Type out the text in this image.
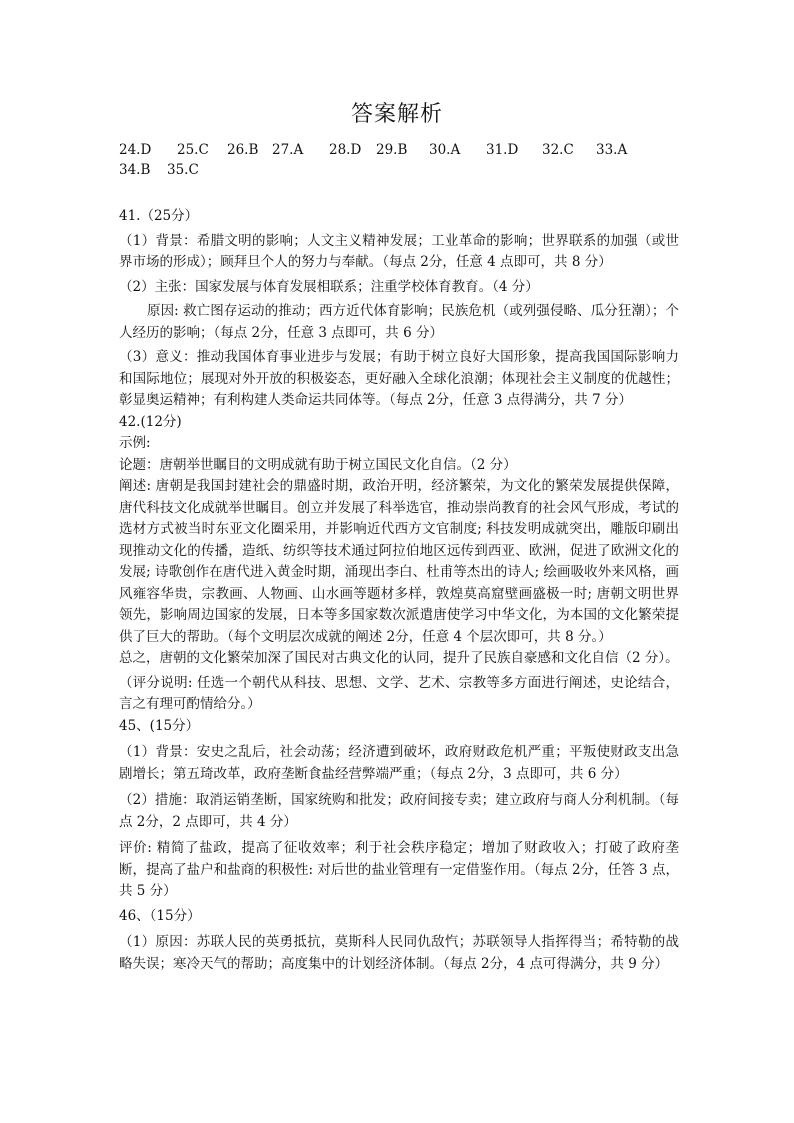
答案解析
24.D 25.C 26.B 27.A 28.D 29.B 30.A 31.D 32.C 33.A
34.B 35.C

41.（25分）

（1）背景：希腊文明的影响；人文主义精神发展；工业革命的影响；世界联系的加强（或世界市场的形成）；顾拜旦个人的努力与奉献。（每点 2分，任意 4 点即可，共 8 分）

（2）主张：国家发展与体育发展相联系；注重学校体育教育。（4 分）

原因: 救亡图存运动的推动；西方近代体育影响；民族危机（或列强侵略、瓜分狂潮）；个人经历的影响；（每点 2分，任意 3 点即可，共 6 分）

（3）意义：推动我国体育事业进步与发展；有助于树立良好大国形象，提高我国国际影响力和国际地位；展现对外开放的积极姿态，更好融入全球化浪潮；体现社会主义制度的优越性；彰显奥运精神；有利构建人类命运共同体等。（每点 2分，任意 3 点得满分，共 7 分）

42.(12分)

示例:

论题：唐朝举世瞩目的文明成就有助于树立国民文化自信。（2 分）

阐述: 唐朝是我国封建社会的鼎盛时期，政治开明，经济繁荣，为文化的繁荣发展提供保障，唐代科技文化成就举世瞩目。创立并发展了科举选官，推动崇尚教育的社会风气形成，考试的选材方式被当时东亚文化圈采用，并影响近代西方文官制度; 科技发明成就突出，雕版印刷出现推动文化的传播，造纸、纺织等技术通过阿拉伯地区远传到西亚、欧洲，促进了欧洲文化的发展; 诗歌创作在唐代进入黄金时期，涌现出李白、杜甫等杰出的诗人; 绘画吸收外来风格，画风雍容华贵，宗教画、人物画、山水画等题材多样，敦煌莫高窟壁画盛极一时; 唐朝文明世界领先，影响周边国家的发展，日本等多国家数次派遣唐使学习中华文化，为本国的文化繁荣提供了巨大的帮助。（每个文明层次成就的阐述 2分，任意 4 个层次即可，共 8 分。）

总之，唐朝的文化繁荣加深了国民对古典文化的认同，提升了民族自豪感和文化自信（2 分）。

（评分说明: 任选一个朝代从科技、思想、文学、艺术、宗教等多方面进行阐述，史论结合，言之有理可酌情给分。）

45、(15分）

（1）背景：安史之乱后，社会动荡；经济遭到破坏，政府财政危机严重；平叛使财政支出急剧增长；第五琦改革，政府垄断食盐经营弊端严重；（每点 2分，3 点即可，共 6 分）

（2）措施：取消运销垄断，国家统购和批发；政府间接专卖；建立政府与商人分利机制。（每点 2分，2 点即可，共 4 分）

评价: 精简了盐政，提高了征收效率；利于社会秩序稳定；增加了财政收入；打破了政府垄断，提高了盐户和盐商的积极性: 对后世的盐业管理有一定借鉴作用。（每点 2分，任答 3 点，共 5 分）

46、（15分）

（1）原因：苏联人民的英勇抵抗，莫斯科人民同仇敌忾；苏联领导人指挥得当；希特勒的战略失误；寒冷天气的帮助；高度集中的计划经济体制。（每点 2分，4 点可得满分，共 9 分）
